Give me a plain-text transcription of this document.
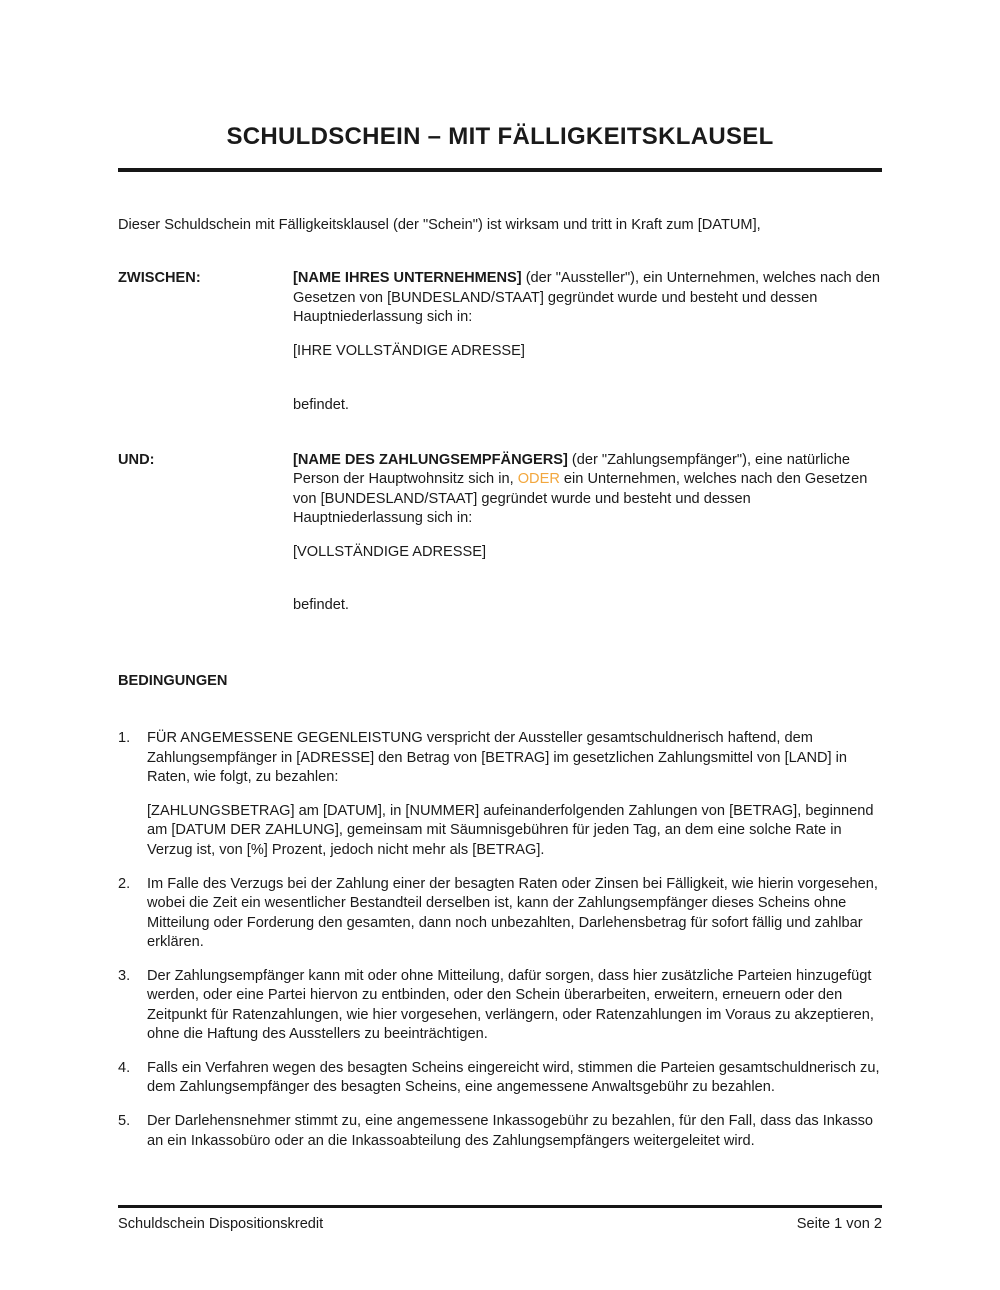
SCHULDSCHEIN – MIT FÄLLIGKEITSKLAUSEL

Dieser Schuldschein mit Fälligkeitsklausel (der "Schein") ist wirksam und tritt in Kraft zum [DATUM],

ZWISCHEN:	[NAME IHRES UNTERNEHMENS] (der "Aussteller"), ein Unternehmen, welches nach den Gesetzen von [BUNDESLAND/STAAT] gegründet wurde und besteht und dessen Hauptniederlassung sich in:

[IHRE VOLLSTÄNDIGE ADRESSE]

befindet.

UND:	[NAME DES ZAHLUNGSEMPFÄNGERS] (der "Zahlungsempfänger"), eine natürliche Person der Hauptwohnsitz sich in, ODER ein Unternehmen, welches nach den Gesetzen von [BUNDESLAND/STAAT] gegründet wurde und besteht und dessen Hauptniederlassung sich in:

[VOLLSTÄNDIGE ADRESSE]

befindet.

BEDINGUNGEN
1.	FÜR ANGEMESSENE GEGENLEISTUNG verspricht der Aussteller gesamtschuldnerisch haftend, dem Zahlungsempfänger in [ADRESSE] den Betrag von [BETRAG] im gesetzlichen Zahlungsmittel von [LAND] in Raten, wie folgt, zu bezahlen:

[ZAHLUNGSBETRAG] am [DATUM], in [NUMMER] aufeinanderfolgenden Zahlungen von [BETRAG], beginnend am [DATUM DER ZAHLUNG], gemeinsam mit Säumnisgebühren für jeden Tag, an dem eine solche Rate in Verzug ist, von [%] Prozent, jedoch nicht mehr als [BETRAG].

2.	Im Falle des Verzugs bei der Zahlung einer der besagten Raten oder Zinsen bei Fälligkeit, wie hierin vorgesehen, wobei die Zeit ein wesentlicher Bestandteil derselben ist, kann der Zahlungsempfänger dieses Scheins ohne Mitteilung oder Forderung den gesamten, dann noch unbezahlten, Darlehensbetrag für sofort fällig und zahlbar erklären.

3.	Der Zahlungsempfänger kann mit oder ohne Mitteilung, dafür sorgen, dass hier zusätzliche Parteien hinzugefügt werden, oder eine Partei hiervon zu entbinden, oder den Schein überarbeiten, erweitern, erneuern oder den Zeitpunkt für Ratenzahlungen, wie hier vorgesehen, verlängern, oder Ratenzahlungen im Voraus zu akzeptieren, ohne die Haftung des Ausstellers zu beeinträchtigen.

4.	Falls ein Verfahren wegen des besagten Scheins eingereicht wird, stimmen die Parteien gesamtschuldnerisch zu, dem Zahlungsempfänger des besagten Scheins, eine angemessene Anwaltsgebühr zu bezahlen.

5.	Der Darlehensnehmer stimmt zu, eine angemessene Inkassogebühr zu bezahlen, für den Fall, dass das Inkasso an ein Inkassobüro oder an die Inkassoabteilung des Zahlungsempfängers weitergeleitet wird.

Schuldschein Dispositionskredit	Seite 1 von 2
